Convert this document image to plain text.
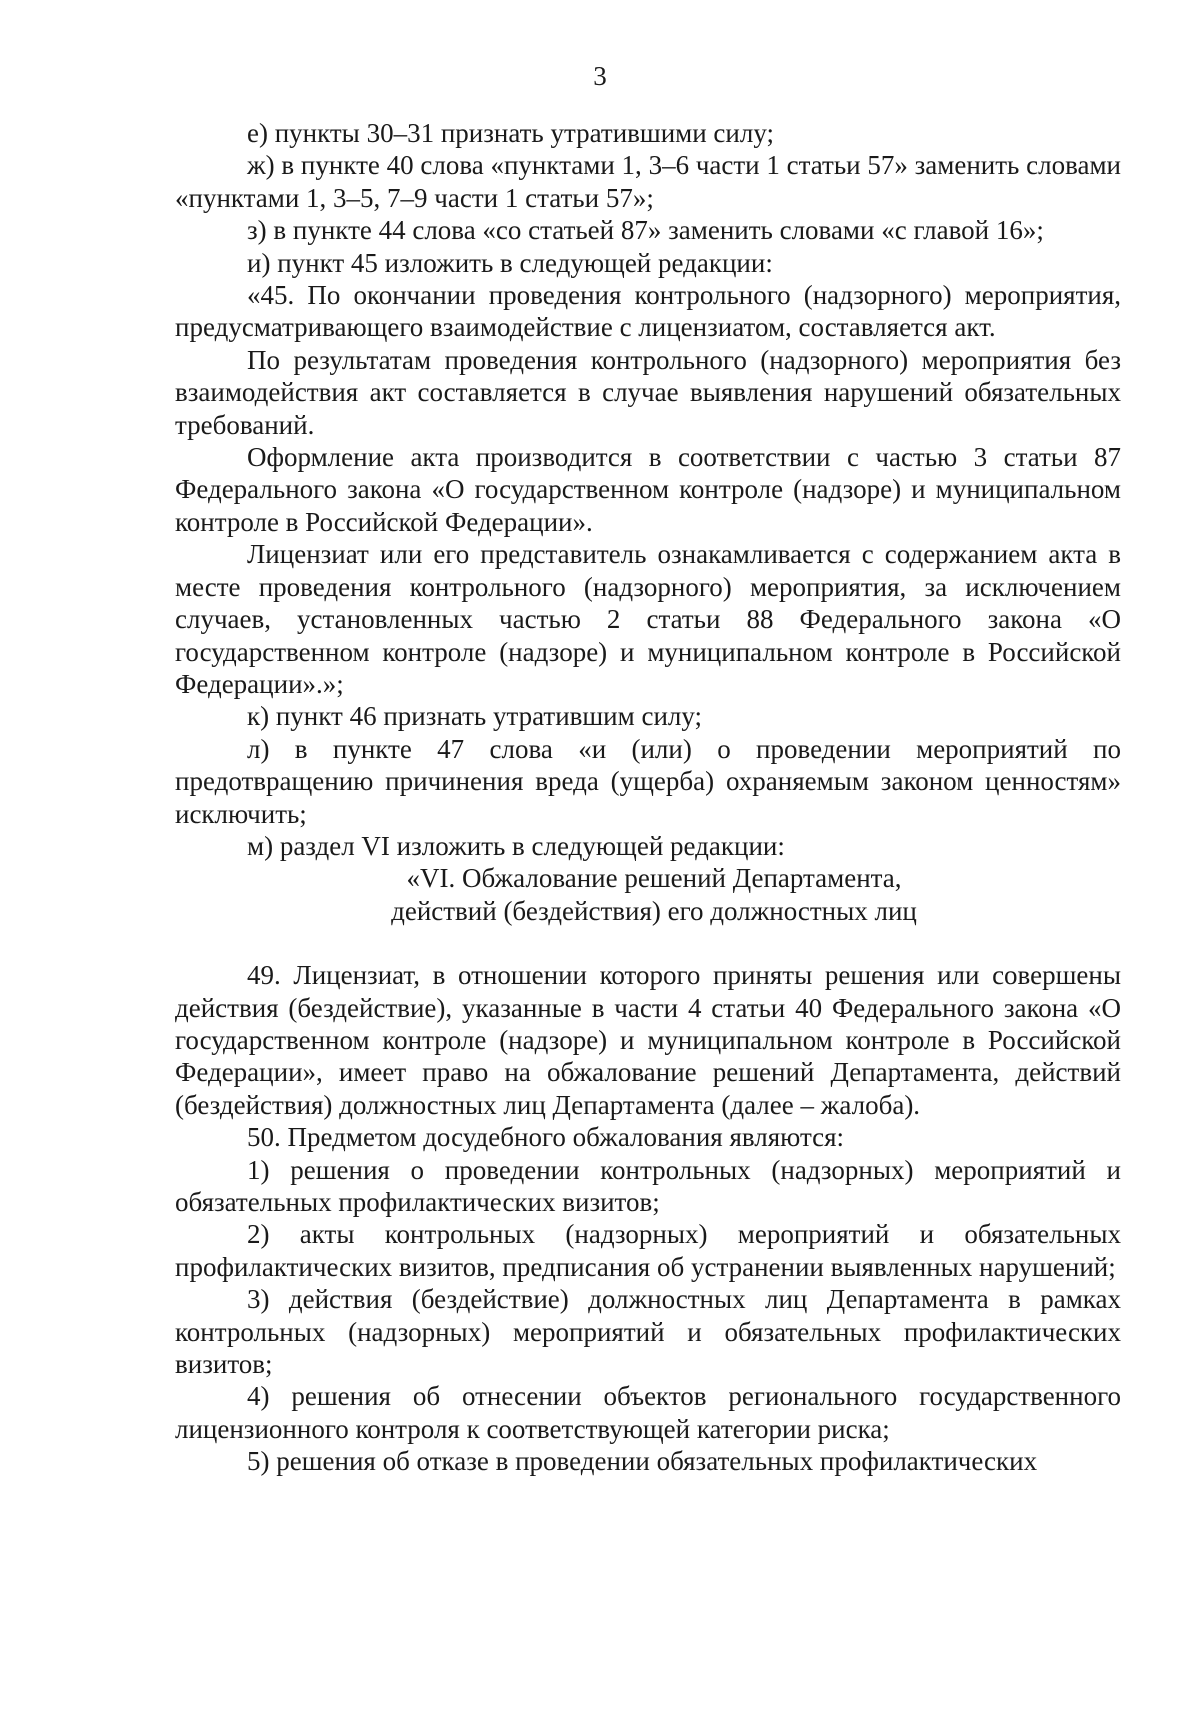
3

е) пункты 30–31 признать утратившими силу;

ж) в пункте 40 слова «пунктами 1, 3–6 части 1 статьи 57» заменить словами «пунктами 1, 3–5, 7–9 части 1 статьи 57»;

з) в пункте 44 слова «со статьей 87» заменить словами «с главой 16»;

и) пункт 45 изложить в следующей редакции:

«45. По окончании проведения контрольного (надзорного) мероприятия, предусматривающего взаимодействие с лицензиатом, составляется акт.

По результатам проведения контрольного (надзорного) мероприятия без взаимодействия акт составляется в случае выявления нарушений обязательных требований.

Оформление акта производится в соответствии с частью 3 статьи 87 Федерального закона «О государственном контроле (надзоре) и муниципальном контроле в Российской Федерации».

Лицензиат или его представитель ознакамливается с содержанием акта в месте проведения контрольного (надзорного) мероприятия, за исключением случаев, установленных частью 2 статьи 88 Федерального закона «О государственном контроле (надзоре) и муниципальном контроле в Российской Федерации».»;

к) пункт 46 признать утратившим силу;

л) в пункте 47 слова «и (или) о проведении мероприятий по предотвращению причинения вреда (ущерба) охраняемым законом ценностям» исключить;

м) раздел VI изложить в следующей редакции:

«VI. Обжалование решений Департамента,

действий (бездействия) его должностных лиц

49. Лицензиат, в отношении которого приняты решения или совершены действия (бездействие), указанные в части 4 статьи 40 Федерального закона «О государственном контроле (надзоре) и муниципальном контроле в Российской Федерации», имеет право на обжалование решений Департамента, действий (бездействия) должностных лиц Департамента (далее – жалоба).

50. Предметом досудебного обжалования являются:

1) решения о проведении контрольных (надзорных) мероприятий и обязательных профилактических визитов;

2) акты контрольных (надзорных) мероприятий и обязательных профилактических визитов, предписания об устранении выявленных нарушений;

3) действия (бездействие) должностных лиц Департамента в рамках контрольных (надзорных) мероприятий и обязательных профилактических визитов;

4) решения об отнесении объектов регионального государственного лицензионного контроля к соответствующей категории риска;

5) решения об отказе в проведении обязательных профилактических
